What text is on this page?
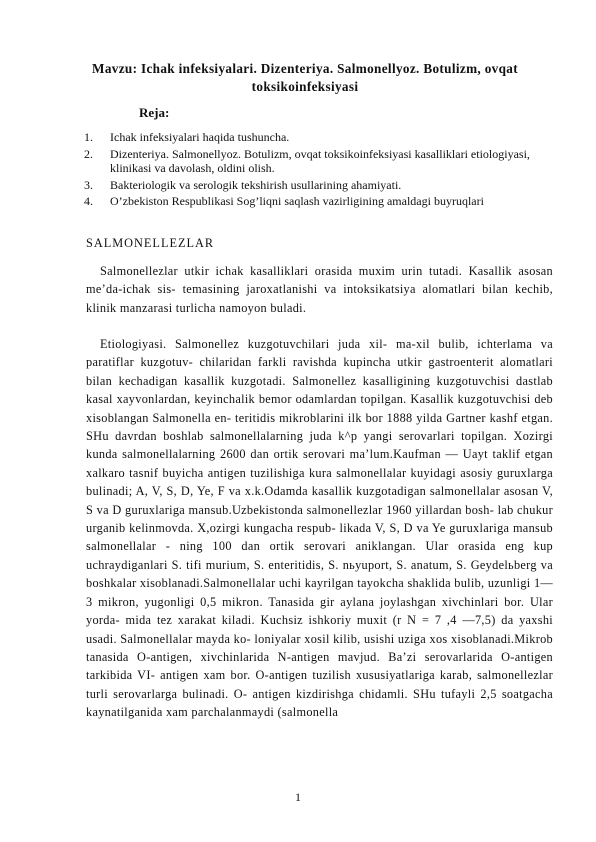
Mavzu: Ichak infeksiyalari. Dizenteriya. Salmonellyoz. Botulizm, ovqat toksikoinfeksiyasi

Reja:

1. Ichak infeksiyalari haqida tushuncha.
2. Dizenteriya. Salmonellyoz. Botulizm, ovqat toksikoinfeksiyasi kasalliklari etiologiyasi, klinikasi va davolash, oldini olish.
3. Bakteriologik va serologik tekshirish usullarining ahamiyati.
4. O’zbekiston Respublikasi Sog’liqni saqlash vazirligining amaldagi buyruqlari
SALMONELLEZLAR

Salmonellezlar utkir ichak kasalliklari orasida muxim urin tutadi. Kasallik asosan me’da-ichak sis- temasining jaroxatlanishi va intoksikatsiya alomatlari bilan kechib, klinik manzarasi turlicha namoyon buladi.

Etiologiyasi. Salmonellez kuzgotuvchilari juda xil- ma-xil bulib, ichterlama va paratiflar kuzgotuv- chilaridan farkli ravishda kupincha utkir gastroenterit alomatlari bilan kechadigan kasallik kuzgotadi. Salmonellez kasalligining kuzgotuvchisi dastlab kasal xayvonlardan, keyinchalik bemor odamlardan topilgan. Kasallik kuzgotuvchisi deb xisoblangan Salmonella en- teritidis mikroblarini ilk bor 1888 yilda Gartner kashf etgan. SHu davrdan boshlab salmonellalarning juda k^p yangi serovarlari topilgan. Xozirgi kunda salmonellalarning 2600 dan ortik serovari ma’lum.Kaufman — Uayt taklif etgan xalkaro tasnif buyicha antigen tuzilishiga kura salmonellalar kuyidagi asosiy guruxlarga bulinadi; A, V, S, D, Ye, F va x.k.Odamda kasallik kuzgotadigan salmonellalar asosan V, S va D guruxlariga mansub.Uzbekistonda salmonellezlar 1960 yillardan bosh- lab chukur urganib kelinmovda. X,ozirgi kungacha respub- likada V, S, D va Ye guruxlariga mansub salmonellalar - ning 100 dan ortik serovari aniklangan. Ular orasida eng kup uchraydiganlari S. tifi murium, S. enteritidis, S. nьyuport, S. anatum, S. Geydelьberg va boshkalar xisoblanadi.Salmonellalar uchi kayrilgan tayokcha shaklida bulib, uzunligi 1—3 mikron, yugonligi 0,5 mikron. Tanasida gir aylana joylashgan xivchinlari bor. Ular yorda- mida tez xarakat kiladi. Kuchsiz ishkoriy muxit (r N = 7 ,4 —7,5) da yaxshi usadi. Salmonellalar mayda ko- loniyalar xosil kilib, usishi uziga xos xisoblanadi.Mikrob tanasida O-antigen, xivchinlarida N-antigen mavjud. Ba’zi serovarlarida O-antigen tarkibida VI- antigen xam bor. O-antigen tuzilish xususiyatlariga karab, salmonellezlar turli serovarlarga bulinadi. O- antigen kizdirishga chidamli. SHu tufayli 2,5 soatgacha kaynatilganida xam parchalanmaydi (salmonella

1
